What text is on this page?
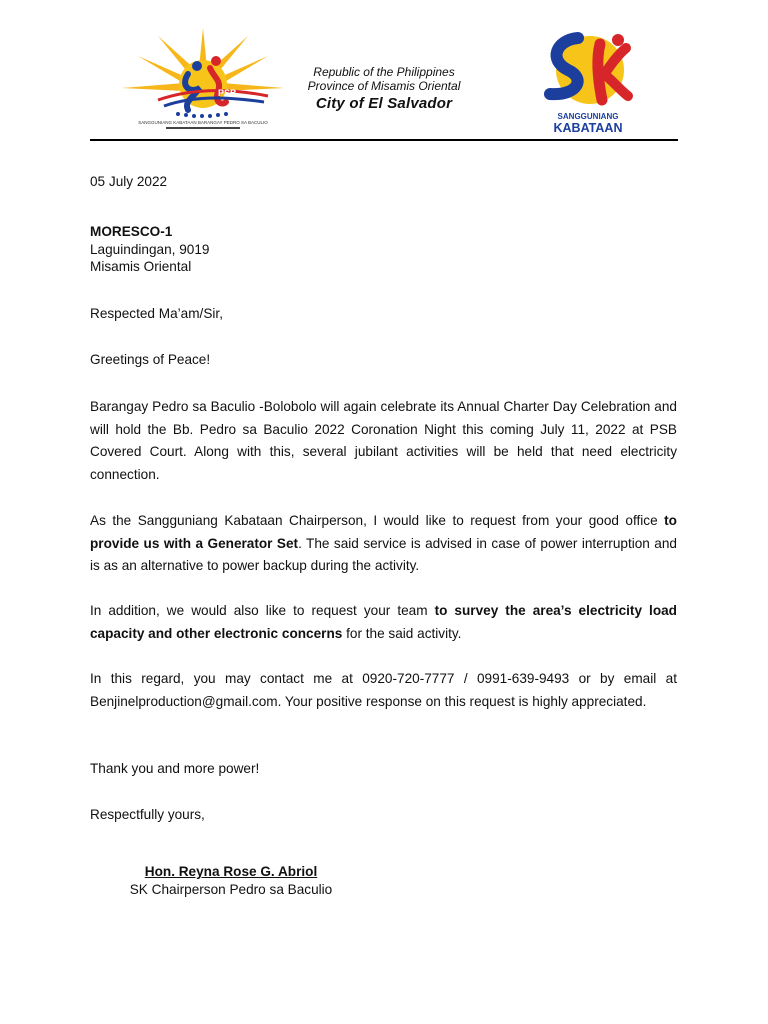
PSB
SANGGUNIANG KABATAAN BARANGAY PEDRO SA BACULIO
Republic of the Philippines
Province of Misamis Oriental
City of El Salvador
SANGGUNIANG
KABATAAN

05 July 2022

MORESCO-1
Laguindingan, 9019
Misamis Oriental

Respected Ma’am/Sir,

Greetings of Peace!

Barangay Pedro sa Baculio -Bolobolo will again celebrate its Annual Charter Day Celebration and will hold the Bb. Pedro sa Baculio 2022 Coronation Night this coming July 11, 2022 at PSB Covered Court. Along with this, several jubilant activities will be held that need electricity connection.

As the Sangguniang Kabataan Chairperson, I would like to request from your good office to provide us with a Generator Set. The said service is advised in case of power interruption and is as an alternative to power backup during the activity.

In addition, we would also like to request your team to survey the area’s electricity load capacity and other electronic concerns for the said activity.

In this regard, you may contact me at 0920-720-7777 / 0991-639-9493 or by email at Benjinelproduction@gmail.com. Your positive response on this request is highly appreciated.

Thank you and more power!

Respectfully yours,

Hon. Reyna Rose G. Abriol
SK Chairperson Pedro sa Baculio
